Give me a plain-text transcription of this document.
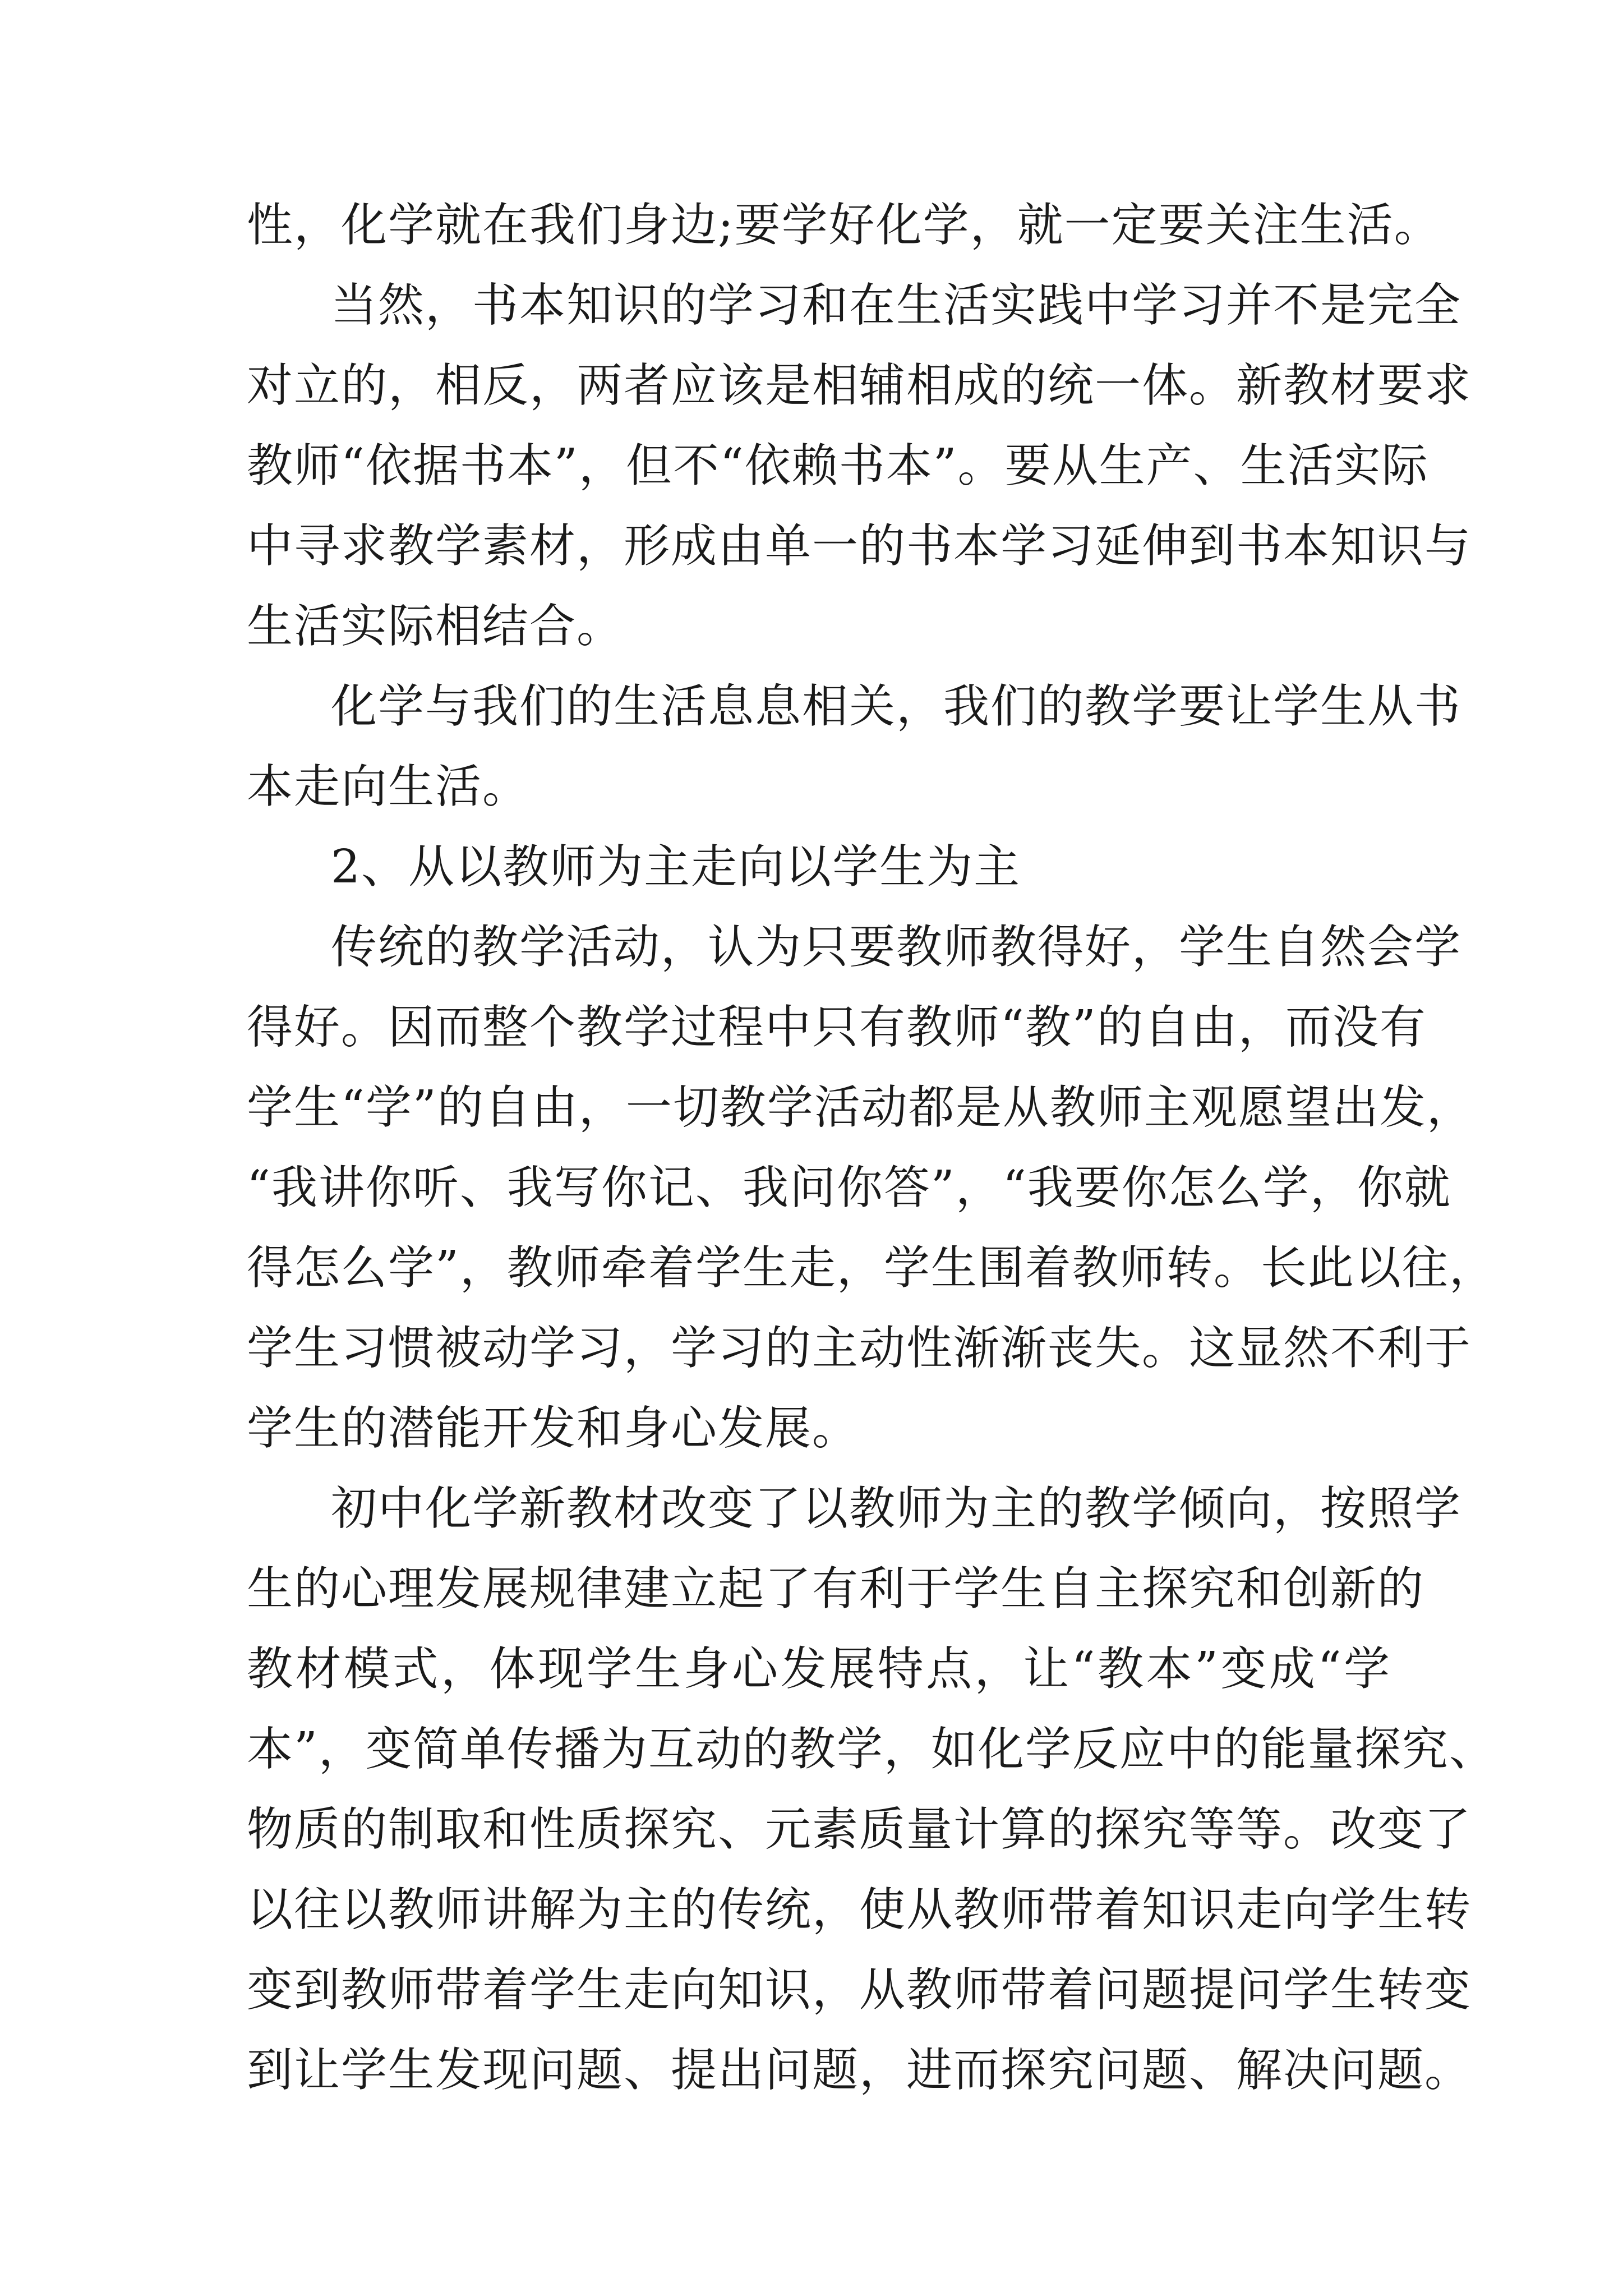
性，化学就在我们身边;要学好化学，就一定要关注生活。
当然，书本知识的学习和在生活实践中学习并不是完全
对立的，相反，两者应该是相辅相成的统一体。新教材要求
教师“依据书本”，但不“依赖书本”。要从生产、生活实际
中寻求教学素材，形成由单一的书本学习延伸到书本知识与
生活实际相结合。
化学与我们的生活息息相关，我们的教学要让学生从书
本走向生活。
2、从以教师为主走向以学生为主
传统的教学活动，认为只要教师教得好，学生自然会学
得好。因而整个教学过程中只有教师“教”的自由，而没有
学生“学”的自由，一切教学活动都是从教师主观愿望出发，
“我讲你听、我写你记、我问你答”，“我要你怎么学，你就
得怎么学”，教师牵着学生走，学生围着教师转。长此以往，
学生习惯被动学习，学习的主动性渐渐丧失。这显然不利于
学生的潜能开发和身心发展。
初中化学新教材改变了以教师为主的教学倾向，按照学
生的心理发展规律建立起了有利于学生自主探究和创新的
教材模式，体现学生身心发展特点，让“教本”变成“学
本”，变简单传播为互动的教学，如化学反应中的能量探究、
物质的制取和性质探究、元素质量计算的探究等等。改变了
以往以教师讲解为主的传统，使从教师带着知识走向学生转
变到教师带着学生走向知识，从教师带着问题提问学生转变
到让学生发现问题、提出问题，进而探究问题、解决问题。
